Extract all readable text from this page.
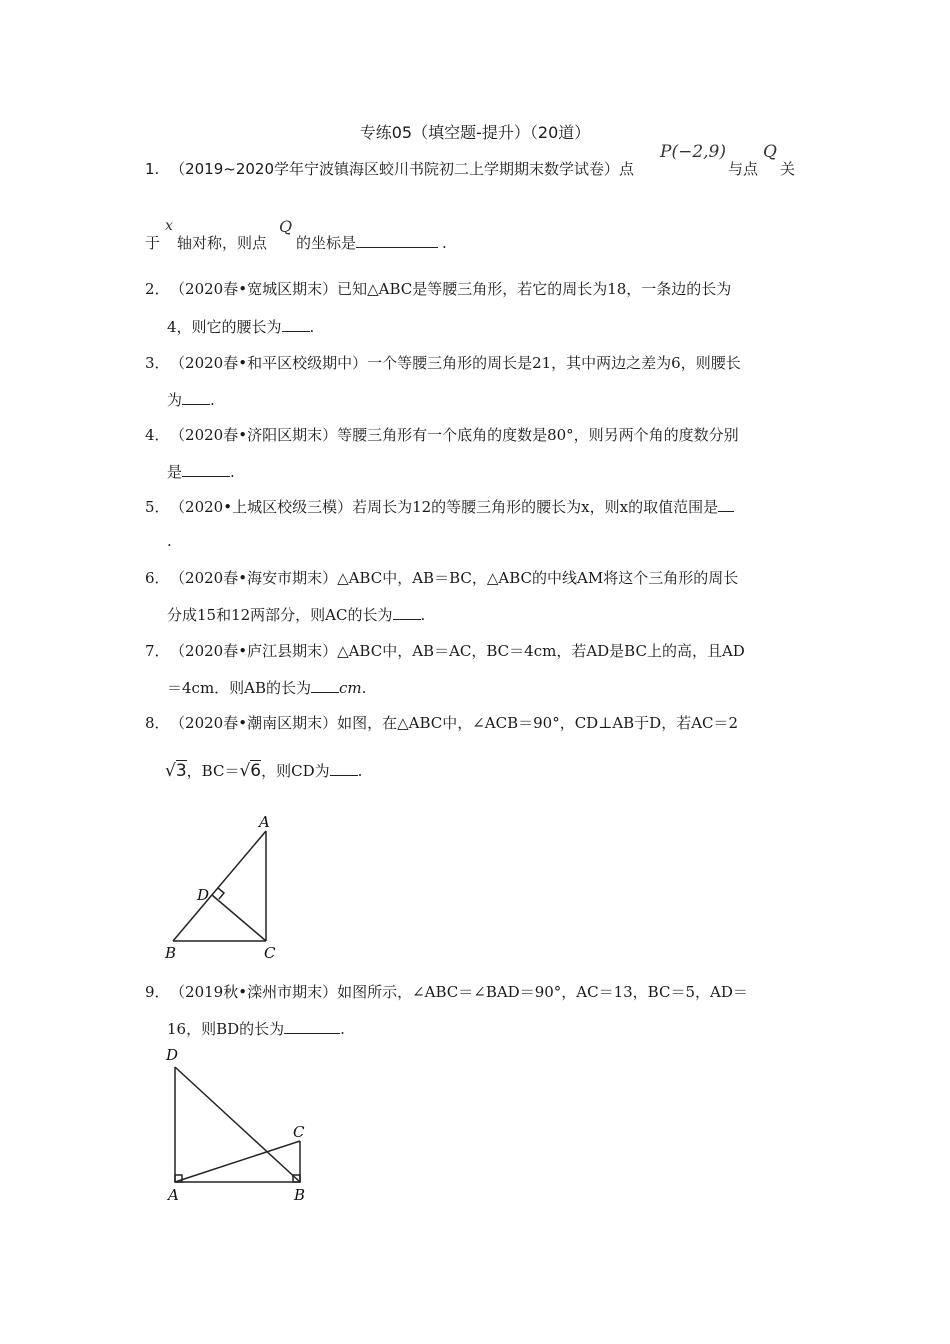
专练05（填空题-提升）（20道）
1. （2019~2020学年宁波镇海区蛟川书院初二上学期期末数学试卷）点
P(−2,9)
与点
Q
关
于
x
轴对称，则点
Q
的坐标是	.
2． （2020春•宽城区期末）已知△ABC是等腰三角形，若它的周长为18，一条边的长为
4，则它的腰长为 .
3． （2020春•和平区校级期中）一个等腰三角形的周长是21，其中两边之差为6，则腰长
为 .
4． （2020春•济阳区期末）等腰三角形有一个底角的度数是80°，则另两个角的度数分别
是	.
5． （2020•上城区校级三模）若周长为12的等腰三角形的腰长为x，则x的取值范围是
.
6． （2020春•海安市期末）△ABC中，AB＝BC，△ABC的中线AM将这个三角形的周长
分成15和12两部分，则AC的长为 .
7． （2020春•庐江县期末）△ABC中，AB＝AC，BC＝4cm，若AD是BC上的高，且AD
＝4cm．则AB的长为 cm.
8． （2020春•潮南区期末）如图，在△ABC中，∠ACB＝90°，CD⊥AB于D，若AC＝2
√3，BC＝√6，则CD为 .
A
B	C
D
9． （2019秋•滦州市期末）如图所示，∠ABC＝∠BAD＝90°，AC＝13，BC＝5，AD＝
16，则BD的长为	.
D
C
A	B
